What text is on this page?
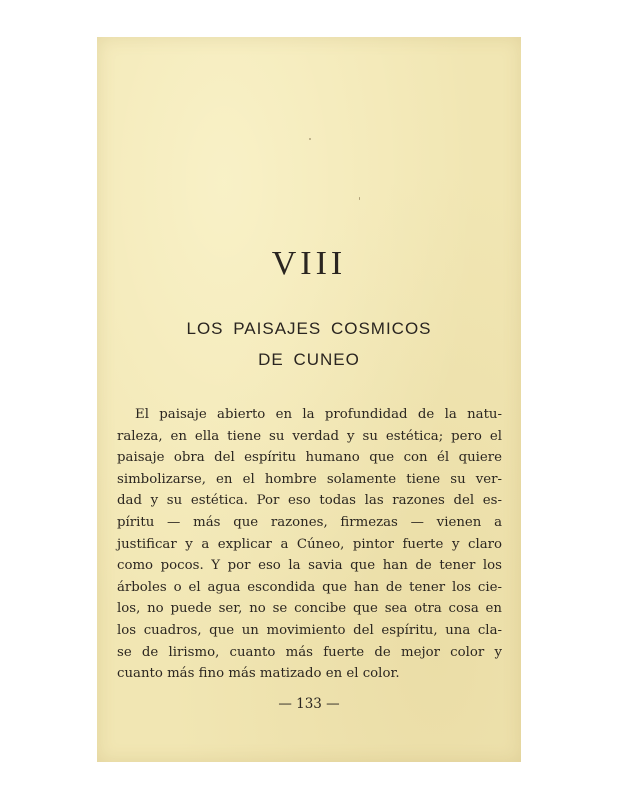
VIII
LOS PAISAJES COSMICOS
DE CUNEO
El paisaje abierto en la profundidad de la natu-
raleza, en ella tiene su verdad y su estética; pero el
paisaje obra del espíritu humano que con él quiere
simbolizarse, en el hombre solamente tiene su ver-
dad y su estética. Por eso todas las razones del es-
píritu — más que razones, firmezas — vienen a
justificar y a explicar a Cúneo, pintor fuerte y claro
como pocos. Y por eso la savia que han de tener los
árboles o el agua escondida que han de tener los cie-
los, no puede ser, no se concibe que sea otra cosa en
los cuadros, que un movimiento del espíritu, una cla-
se de lirismo, cuanto más fuerte de mejor color y
cuanto más fino más matizado en el color.
— 133 —
